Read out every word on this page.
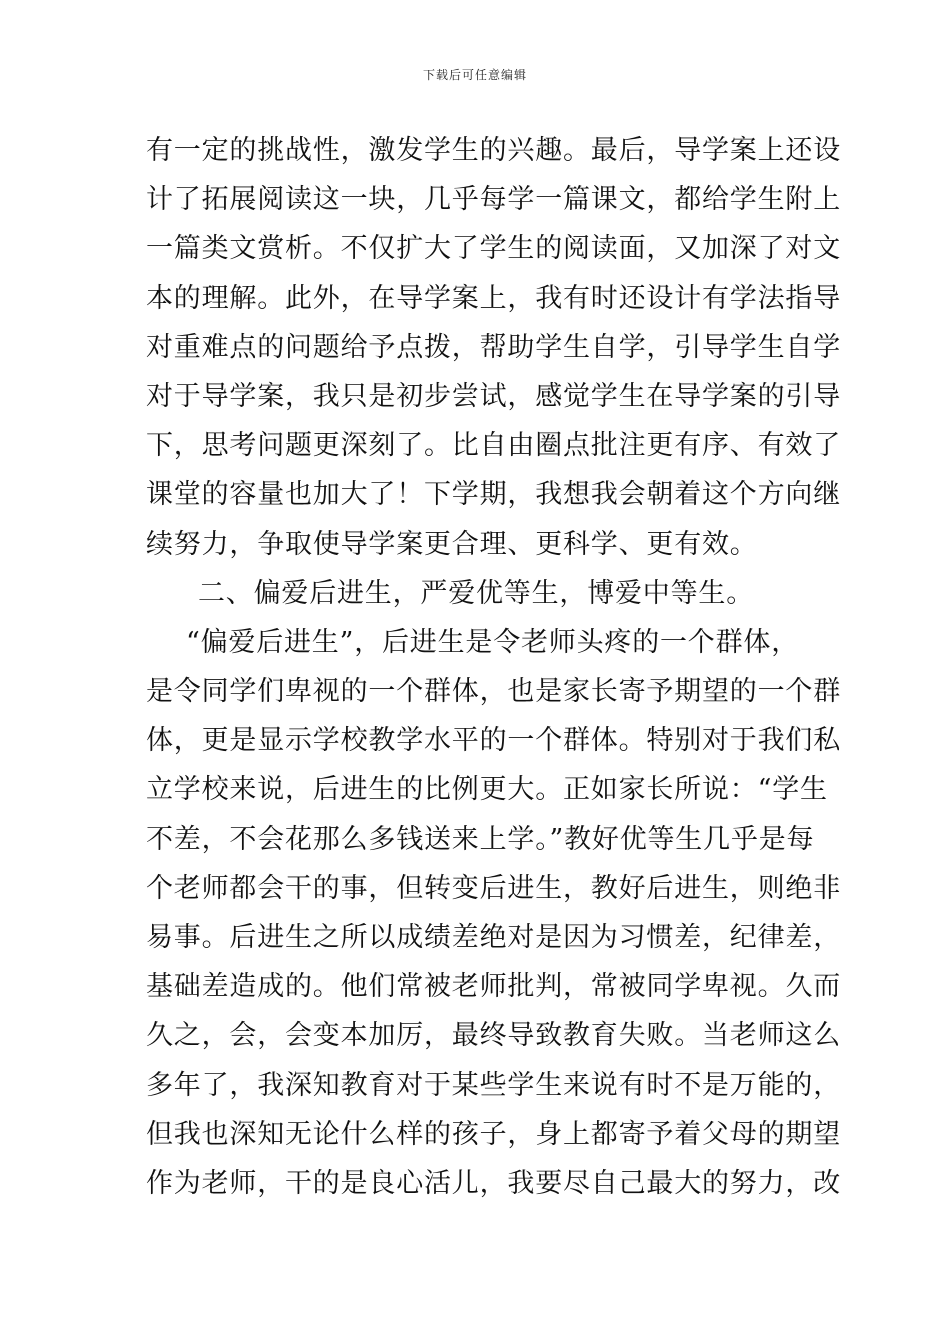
下载后可任意编辑
有一定的挑战性，激发学生的兴趣。最后，导学案上还设
计了拓展阅读这一块，几乎每学一篇课文，都给学生附上
一篇类文赏析。不仅扩大了学生的阅读面，又加深了对文
本的理解。此外，在导学案上，我有时还设计有学法指导
对重难点的问题给予点拨，帮助学生自学，引导学生自学
对于导学案，我只是初步尝试，感觉学生在导学案的引导
下，思考问题更深刻了。比自由圈点批注更有序、有效了
课堂的容量也加大了！下学期，我想我会朝着这个方向继
续努力，争取使导学案更合理、更科学、更有效。
二、偏爱后进生，严爱优等生，博爱中等生。
“偏爱后进生”，后进生是令老师头疼的一个群体，
是令同学们卑视的一个群体，也是家长寄予期望的一个群
体，更是显示学校教学水平的一个群体。特别对于我们私
立学校来说，后进生的比例更大。正如家长所说：“学生
不差，不会花那么多钱送来上学。”教好优等生几乎是每
个老师都会干的事，但转变后进生，教好后进生，则绝非
易事。后进生之所以成绩差绝对是因为习惯差，纪律差，
基础差造成的。他们常被老师批判，常被同学卑视。久而
久之，会，会变本加厉，最终导致教育失败。当老师这么
多年了，我深知教育对于某些学生来说有时不是万能的，
但我也深知无论什么样的孩子，身上都寄予着父母的期望
作为老师，干的是良心活儿，我要尽自己最大的努力，改
